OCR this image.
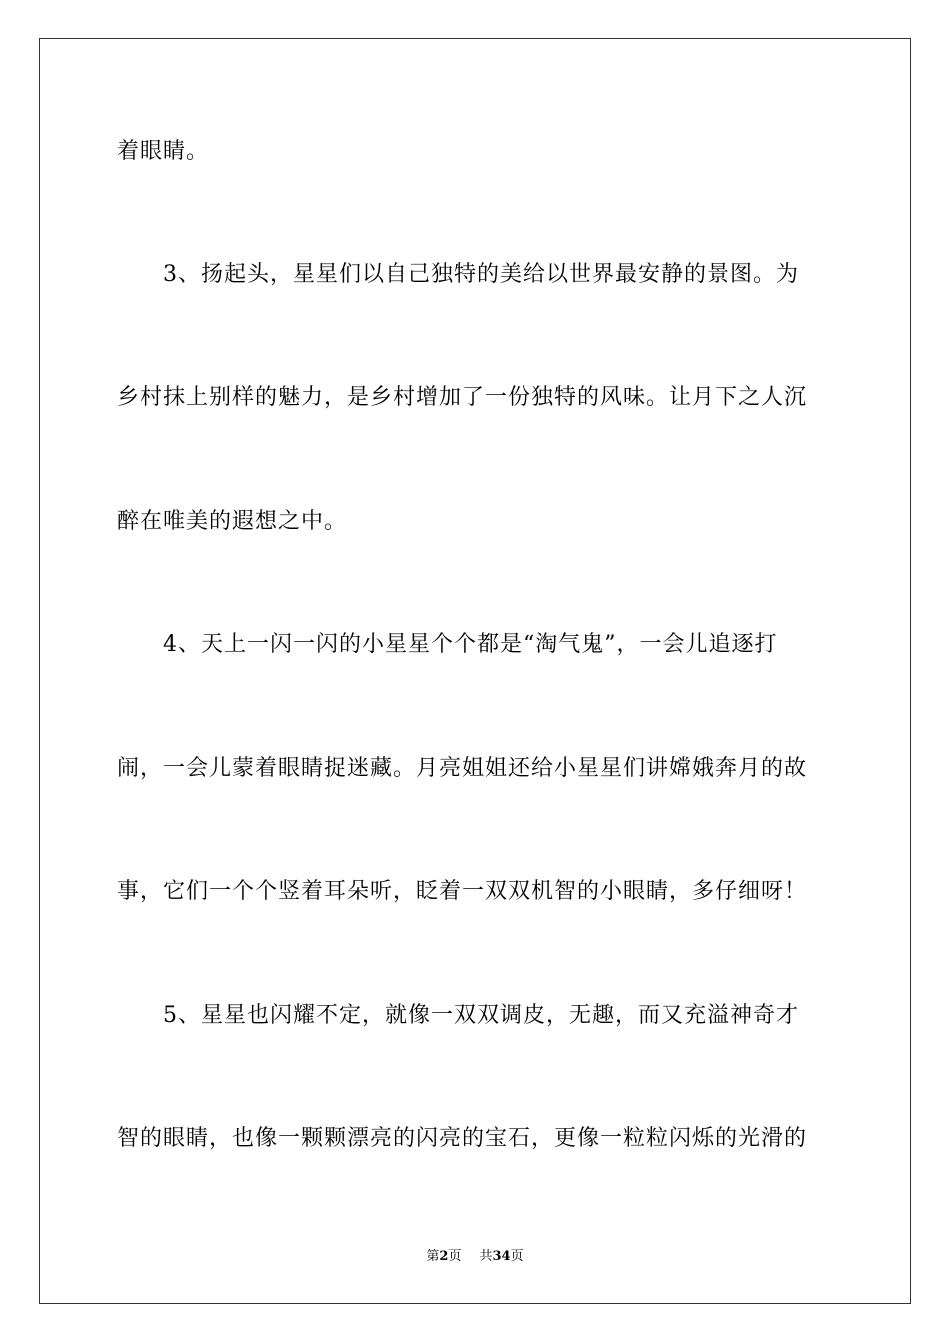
着眼睛。
3、扬起头，星星们以自己独特的美给以世界最安静的景图。为
乡村抹上别样的魅力，是乡村增加了一份独特的风味。让月下之人沉
醉在唯美的遐想之中。
4、天上一闪一闪的小星星个个都是“淘气鬼”，一会儿追逐打
闹，一会儿蒙着眼睛捉迷藏。月亮姐姐还给小星星们讲嫦娥奔月的故
事，它们一个个竖着耳朵听，眨着一双双机智的小眼睛，多仔细呀！
5、星星也闪耀不定，就像一双双调皮，无趣，而又充溢神奇才
智的眼睛，也像一颗颗漂亮的闪亮的宝石，更像一粒粒闪烁的光滑的
第2页 共34页
